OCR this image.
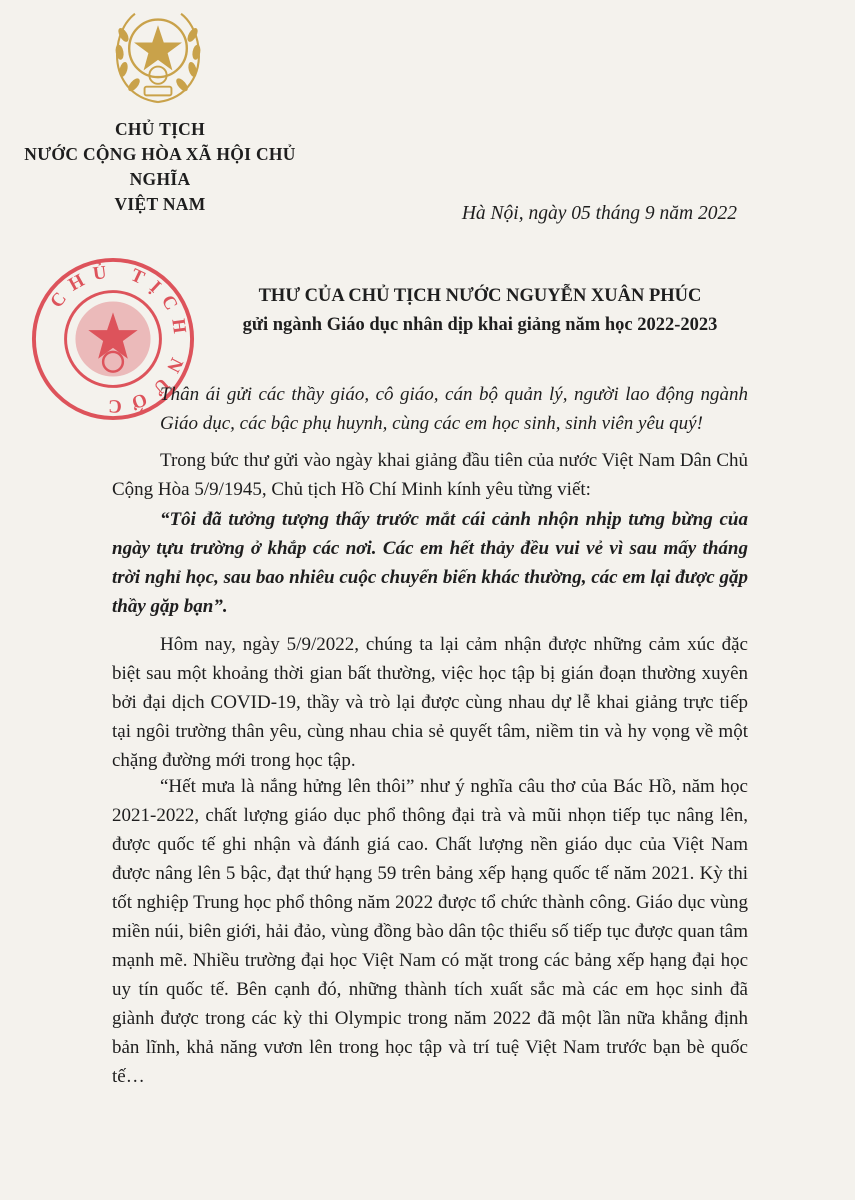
CHỦ TỊCH
NƯỚC CỘNG HÒA XÃ HỘI CHỦ NGHĨA
VIỆT NAM	Hà Nội, ngày 05 tháng 9 năm 2022
CHỦ TỊCH NƯỚC
THƯ CỦA CHỦ TỊCH NƯỚC NGUYỄN XUÂN PHÚC
gửi ngành Giáo dục nhân dịp khai giảng năm học 2022-2023
Thân ái gửi các thầy giáo, cô giáo, cán bộ quản lý, người lao động ngành Giáo dục, các bậc phụ huynh, cùng các em học sinh, sinh viên yêu quý!
Trong bức thư gửi vào ngày khai giảng đầu tiên của nước Việt Nam Dân Chủ Cộng Hòa 5/9/1945, Chủ tịch Hồ Chí Minh kính yêu từng viết:
“Tôi đã tưởng tượng thấy trước mắt cái cảnh nhộn nhịp tưng bừng của ngày tựu trường ở khắp các nơi. Các em hết thảy đều vui vẻ vì sau mấy tháng trời nghỉ học, sau bao nhiêu cuộc chuyển biến khác thường, các em lại được gặp thầy gặp bạn”.
Hôm nay, ngày 5/9/2022, chúng ta lại cảm nhận được những cảm xúc đặc biệt sau một khoảng thời gian bất thường, việc học tập bị gián đoạn thường xuyên bởi đại dịch COVID-19, thầy và trò lại được cùng nhau dự lễ khai giảng trực tiếp tại ngôi trường thân yêu, cùng nhau chia sẻ quyết tâm, niềm tin và hy vọng về một chặng đường mới trong học tập.
“Hết mưa là nắng hửng lên thôi” như ý nghĩa câu thơ của Bác Hồ, năm học 2021-2022, chất lượng giáo dục phổ thông đại trà và mũi nhọn tiếp tục nâng lên, được quốc tế ghi nhận và đánh giá cao. Chất lượng nền giáo dục của Việt Nam được nâng lên 5 bậc, đạt thứ hạng 59 trên bảng xếp hạng quốc tế năm 2021. Kỳ thi tốt nghiệp Trung học phổ thông năm 2022 được tổ chức thành công. Giáo dục vùng miền núi, biên giới, hải đảo, vùng đồng bào dân tộc thiểu số tiếp tục được quan tâm mạnh mẽ. Nhiều trường đại học Việt Nam có mặt trong các bảng xếp hạng đại học uy tín quốc tế. Bên cạnh đó, những thành tích xuất sắc mà các em học sinh đã giành được trong các kỳ thi Olympic trong năm 2022 đã một lần nữa khẳng định bản lĩnh, khả năng vươn lên trong học tập và trí tuệ Việt Nam trước bạn bè quốc tế…
